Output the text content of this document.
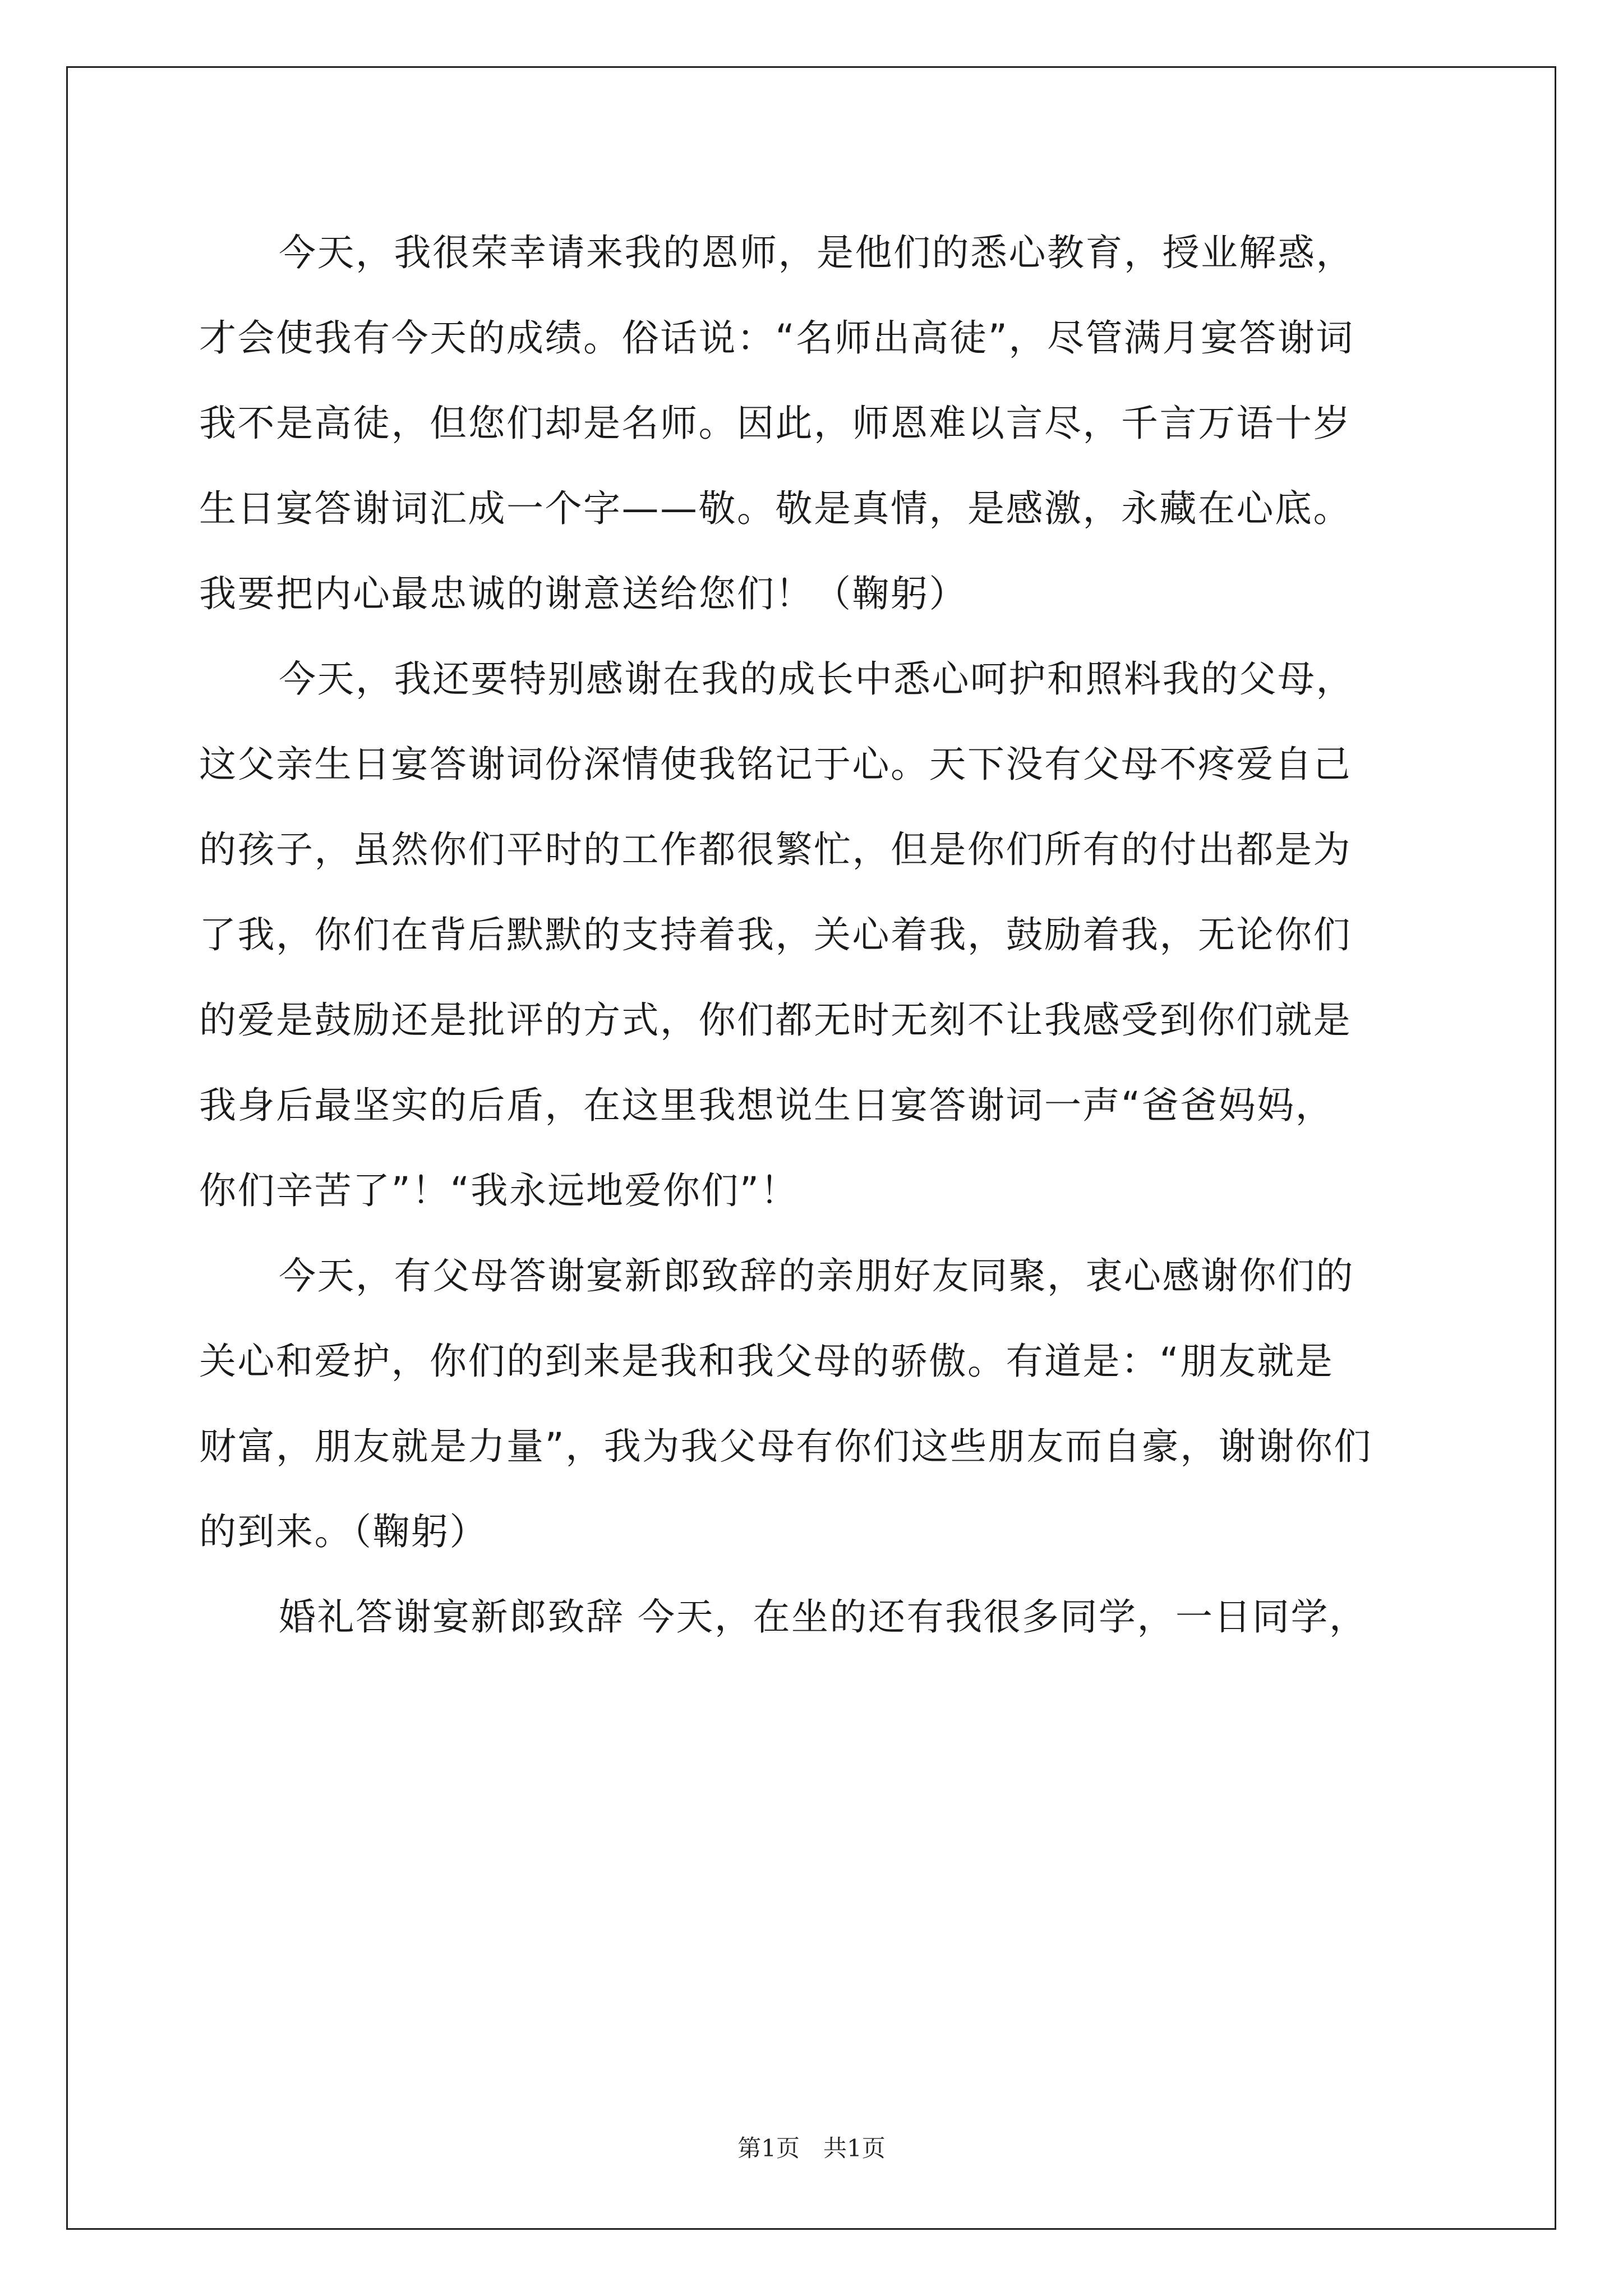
今天，我很荣幸请来我的恩师，是他们的悉心教育，授业解惑，
才会使我有今天的成绩。俗话说：“名师出高徒”，尽管满月宴答谢词
我不是高徒，但您们却是名师。因此，师恩难以言尽，千言万语十岁
生日宴答谢词汇成一个字——敬。敬是真情，是感激，永藏在心底。
我要把内心最忠诚的谢意送给您们！（鞠躬）
今天，我还要特别感谢在我的成长中悉心呵护和照料我的父母，
这父亲生日宴答谢词份深情使我铭记于心。天下没有父母不疼爱自己
的孩子，虽然你们平时的工作都很繁忙，但是你们所有的付出都是为
了我，你们在背后默默的支持着我，关心着我，鼓励着我，无论你们
的爱是鼓励还是批评的方式，你们都无时无刻不让我感受到你们就是
我身后最坚实的后盾，在这里我想说生日宴答谢词一声“爸爸妈妈，
你们辛苦了”！“我永远地爱你们”！
今天，有父母答谢宴新郎致辞的亲朋好友同聚，衷心感谢你们的
关心和爱护，你们的到来是我和我父母的骄傲。有道是：“朋友就是
财富，朋友就是力量”，我为我父母有你们这些朋友而自豪，谢谢你们
的到来。（鞠躬）
婚礼答谢宴新郎致辞 今天，在坐的还有我很多同学，一日同学，
第1页　共1页
